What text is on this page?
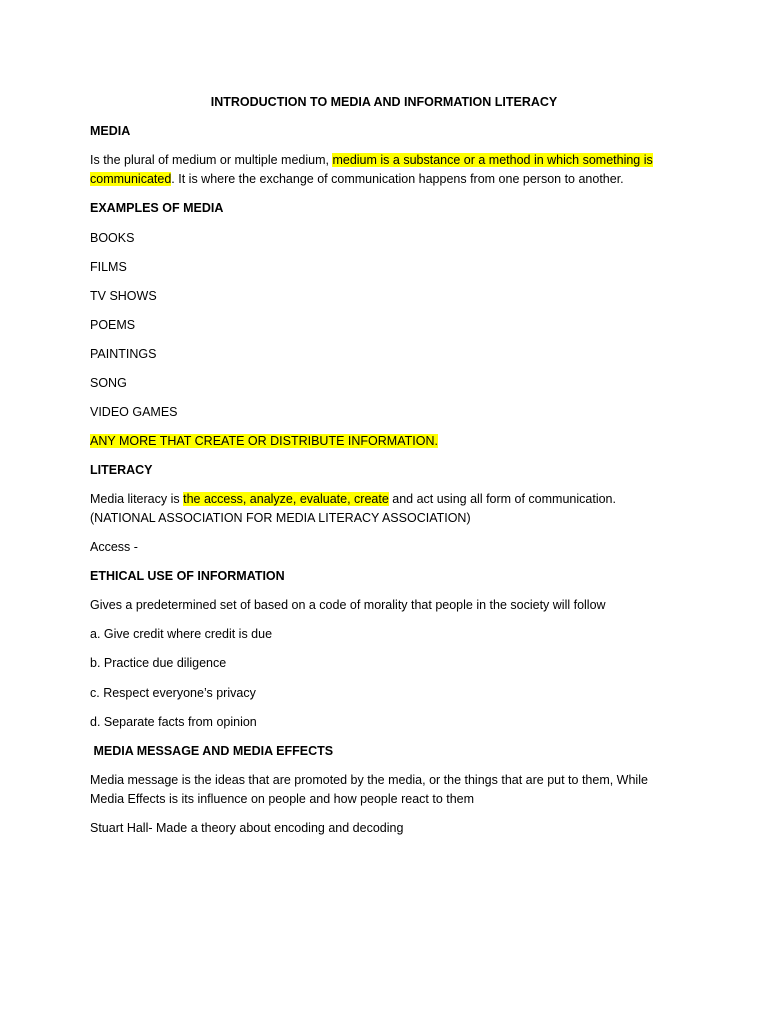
INTRODUCTION TO MEDIA AND INFORMATION LITERACY
MEDIA
Is the plural of medium or multiple medium, medium is a substance or a method in which something is
communicated. It is where the exchange of communication happens from one person to another.
EXAMPLES OF MEDIA
BOOKS
FILMS
TV SHOWS
POEMS
PAINTINGS
SONG
VIDEO GAMES
ANY MORE THAT CREATE OR DISTRIBUTE INFORMATION.
LITERACY
Media literacy is the access, analyze, evaluate, create and act using all form of communication.
(NATIONAL ASSOCIATION FOR MEDIA LITERACY ASSOCIATION)
Access -
ETHICAL USE OF INFORMATION
Gives a predetermined set of based on a code of morality that people in the society will follow
a. Give credit where credit is due
b. Practice due diligence
c. Respect everyone’s privacy
d. Separate facts from opinion
MEDIA MESSAGE AND MEDIA EFFECTS
Media message is the ideas that are promoted by the media, or the things that are put to them, While
Media Effects is its influence on people and how people react to them
Stuart Hall- Made a theory about encoding and decoding
